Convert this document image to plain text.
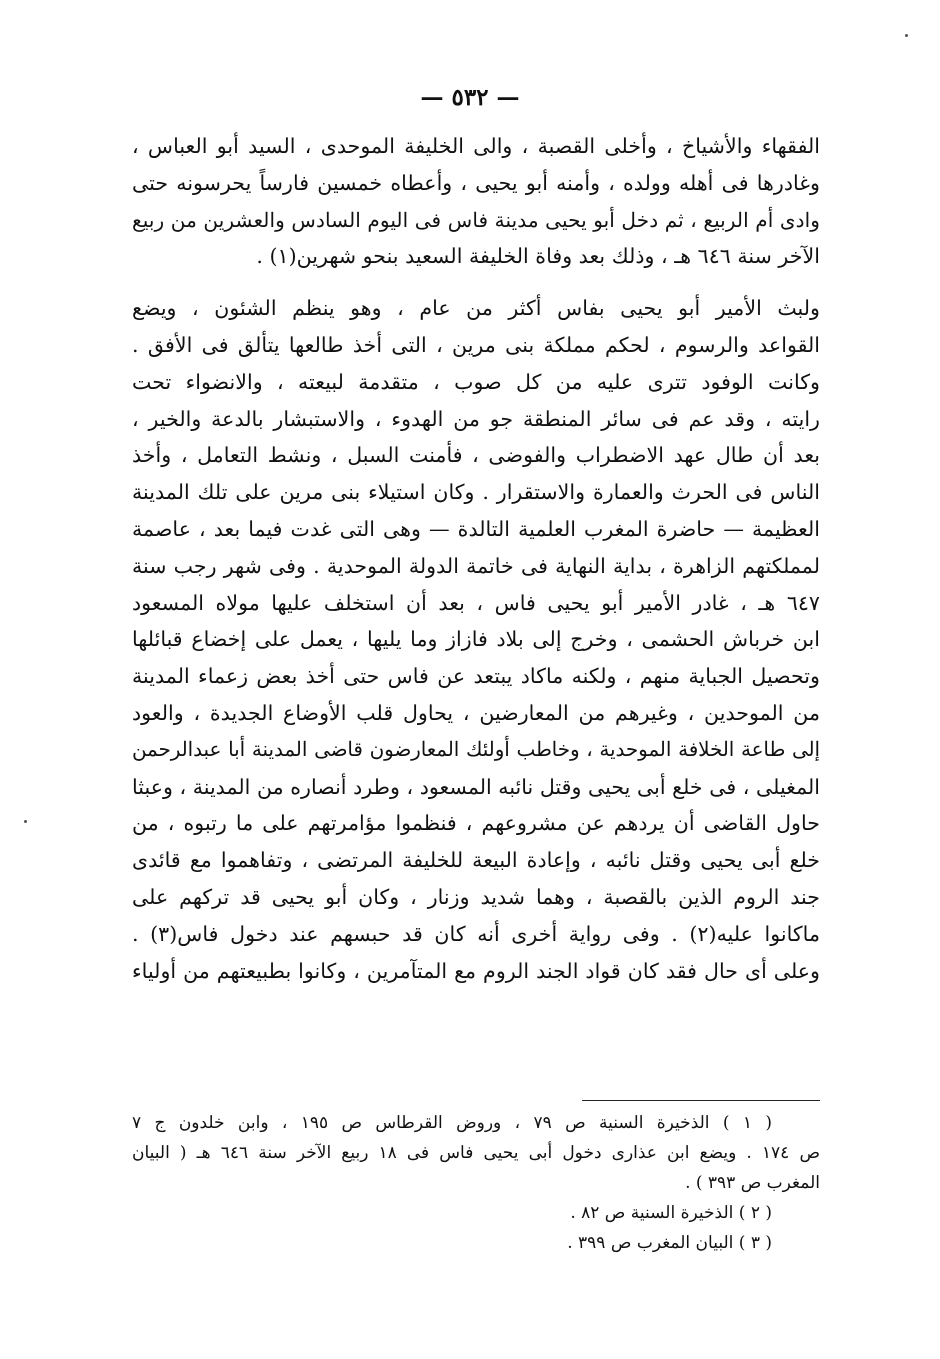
— ٥٣٢ —

الفقهاء والأشياخ ، وأخلى القصبة ، والى الخليفة الموحدى ، السيد أبو العباس ،
وغادرها فى أهله وولده ، وأمنه أبو يحيى ، وأعطاه خمسين فارساً يحرسونه حتى
وادى أم الربيع ، ثم دخل أبو يحيى مدينة فاس فى اليوم السادس والعشرين من ربيع
الآخر سنة ٦٤٦ هـ ، وذلك بعد وفاة الخليفة السعيد بنحو شهرين(١) .

ولبث الأمير أبو يحيى بفاس أكثر من عام ، وهو ينظم الشئون ، ويضع
القواعد والرسوم ، لحكم مملكة بنى مرين ، التى أخذ طالعها يتألق فى الأفق .
وكانت الوفود تترى عليه من كل صوب ، متقدمة لبيعته ، والانضواء تحت
رايته ، وقد عم فى سائر المنطقة جو من الهدوء ، والاستبشار بالدعة والخير ،
بعد أن طال عهد الاضطراب والفوضى ، فأمنت السبل ، ونشط التعامل ، وأخذ
الناس فى الحرث والعمارة والاستقرار . وكان استيلاء بنى مرين على تلك المدينة
العظيمة — حاضرة المغرب العلمية التالدة — وهى التى غدت فيما بعد ، عاصمة
لمملكتهم الزاهرة ، بداية النهاية فى خاتمة الدولة الموحدية . وفى شهر رجب سنة
٦٤٧ هـ ، غادر الأمير أبو يحيى فاس ، بعد أن استخلف عليها مولاه المسعود
ابن خرباش الحشمى ، وخرج إلى بلاد فازاز وما يليها ، يعمل على إخضاع قبائلها
وتحصيل الجباية منهم ، ولكنه ماكاد يبتعد عن فاس حتى أخذ بعض زعماء المدينة
من الموحدين ، وغيرهم من المعارضين ، يحاول قلب الأوضاع الجديدة ، والعود
إلى طاعة الخلافة الموحدية ، وخاطب أولئك المعارضون قاضى المدينة أبا عبدالرحمن
المغيلى ، فى خلع أبى يحيى وقتل نائبه المسعود ، وطرد أنصاره من المدينة ، وعبثا
حاول القاضى أن يردهم عن مشروعهم ، فنظموا مؤامرتهم على ما رتبوه ، من
خلع أبى يحيى وقتل نائبه ، وإعادة البيعة للخليفة المرتضى ، وتفاهموا مع قائدى
جند الروم الذين بالقصبة ، وهما شديد وزنار ، وكان أبو يحيى قد تركهم على
ماكانوا عليه(٢) . وفى رواية أخرى أنه كان قد حبسهم عند دخول فاس(٣) .
وعلى أى حال فقد كان قواد الجند الروم مع المتآمرين ، وكانوا بطبيعتهم من أولياء

( ١ ) الذخيرة السنية ص ٧٩ ، وروض القرطاس ص ١٩٥ ، وابن خلدون ج ٧
ص ١٧٤ . ويضع ابن عذارى دخول أبى يحيى فاس فى ١٨ ربيع الآخر سنة ٦٤٦ هـ ( البيان
المغرب ص ٣٩٣ ) .
( ٢ ) الذخيرة السنية ص ٨٢ .
( ٣ ) البيان المغرب ص ٣٩٩ .
